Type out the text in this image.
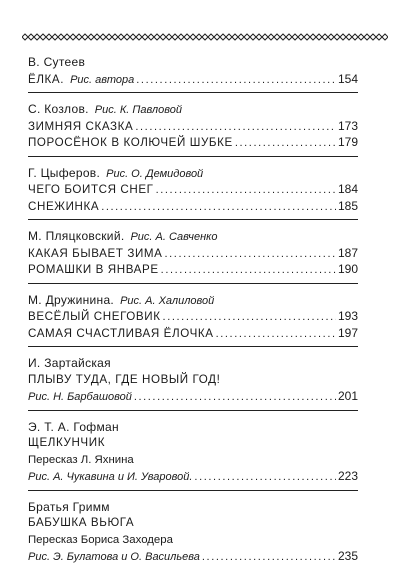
В. Сутеев
ЁЛКА. Рис. автора .....	154
С. Козлов. Рис. К. Павловой
ЗИМНЯЯ СКАЗКА .....	173
ПОРОСЁНОК В КОЛЮЧЕЙ ШУБКЕ .....	179
Г. Цыферов. Рис. О. Демидовой
ЧЕГО БОИТСЯ СНЕГ .....	184
СНЕЖИНКА .....	185
М. Пляцковский. Рис. А. Савченко
КАКАЯ БЫВАЕТ ЗИМА .....	187
РОМАШКИ В ЯНВАРЕ .....	190
М. Дружинина. Рис. А. Халиловой
ВЕСЁЛЫЙ СНЕГОВИК .....	193
САМАЯ СЧАСТЛИВАЯ ЁЛОЧКА .....	197
И. Зартайская
ПЛЫВУ ТУДА, ГДЕ НОВЫЙ ГОД!
Рис. Н. Барбашовой .....	201
Э. Т. А. Гофман
ЩЕЛКУНЧИК
Пересказ Л. Яхнина
Рис. А. Чукавина и И. Уваровой. .....	223
Братья Гримм
БАБУШКА ВЬЮГА
Пересказ Бориса Заходера
Рис. Э. Булатова и О. Васильева .....	235
